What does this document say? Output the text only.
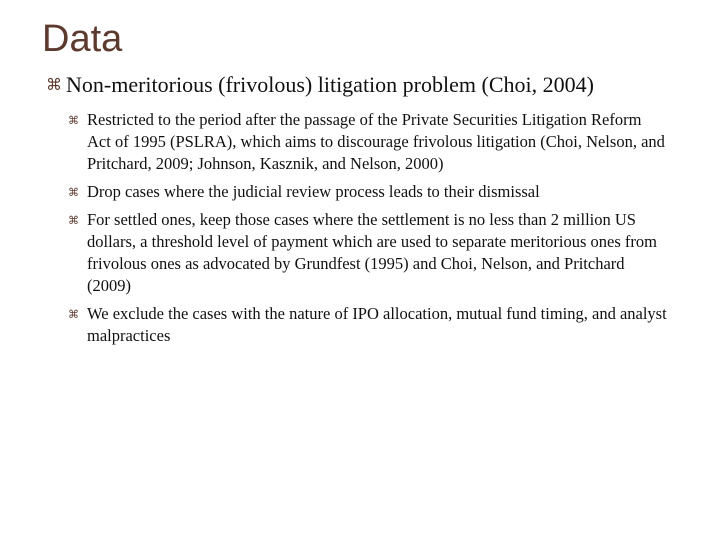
Data
⌘ Non-meritorious (frivolous) litigation problem (Choi, 2004)
⌘ Restricted to the period after the passage of the Private Securities Litigation Reform Act of 1995 (PSLRA), which aims to discourage frivolous litigation (Choi, Nelson, and Pritchard, 2009; Johnson, Kasznik, and Nelson, 2000)
⌘ Drop cases where the judicial review process leads to their dismissal
⌘ For settled ones, keep those cases where the settlement is no less than 2 million US dollars, a threshold level of payment which are used to separate meritorious ones from frivolous ones as advocated by Grundfest (1995) and Choi, Nelson, and Pritchard (2009)
⌘ We exclude the cases with the nature of IPO allocation, mutual fund timing, and analyst malpractices
